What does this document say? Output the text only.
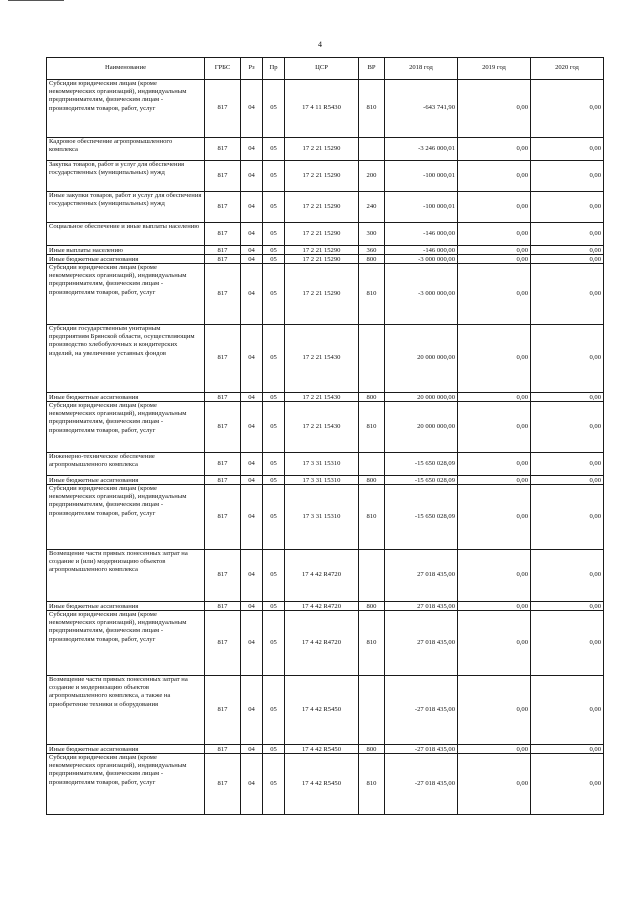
4
Наименование	ГРБС	Рз	Пр	ЦСР	ВР	2018 год	2019 год	2020 год
Субсидии юридическим лицам (кроме некоммерческих организаций), индивидуальным предпринимателям, физическим лицам - производителям товаров, работ, услуг	817	04	05	17 4 11 R5430	810	-643 741,90	0,00	0,00
Кадровое обеспечение агропромышленного комплекса	817	04	05	17 2 21 15290		-3 246 000,01	0,00	0,00
Закупка товаров, работ и услуг для обеспечения государственных (муниципальных) нужд	817	04	05	17 2 21 15290	200	-100 000,01	0,00	0,00
Иные закупки товаров, работ и услуг для обеспечения государственных (муниципальных) нужд	817	04	05	17 2 21 15290	240	-100 000,01	0,00	0,00
Социальное обеспечение и иные выплаты населению	817	04	05	17 2 21 15290	300	-146 000,00	0,00	0,00
Иные выплаты населению	817	04	05	17 2 21 15290	360	-146 000,00	0,00	0,00
Иные бюджетные ассигнования	817	04	05	17 2 21 15290	800	-3 000 000,00	0,00	0,00
Субсидии юридическим лицам (кроме некоммерческих организаций), индивидуальным предпринимателям, физическим лицам - производителям товаров, работ, услуг	817	04	05	17 2 21 15290	810	-3 000 000,00	0,00	0,00
Субсидии государственным унитарным предприятиям Брянской области, осуществляющим производство хлебобулочных и кондитерских изделий, на увеличение уставных фондов	817	04	05	17 2 21 15430		20 000 000,00	0,00	0,00
Иные бюджетные ассигнования	817	04	05	17 2 21 15430	800	20 000 000,00	0,00	0,00
Субсидии юридическим лицам (кроме некоммерческих организаций), индивидуальным предпринимателям, физическим лицам - производителям товаров, работ, услуг	817	04	05	17 2 21 15430	810	20 000 000,00	0,00	0,00
Инженерно-техническое обеспечение агропромышленного комплекса	817	04	05	17 3 31 15310		-15 650 028,09	0,00	0,00
Иные бюджетные ассигнования	817	04	05	17 3 31 15310	800	-15 650 028,09	0,00	0,00
Субсидии юридическим лицам (кроме некоммерческих организаций), индивидуальным предпринимателям, физическим лицам - производителям товаров, работ, услуг	817	04	05	17 3 31 15310	810	-15 650 028,09	0,00	0,00
Возмещение части прямых понесенных затрат на создание и (или) модернизацию объектов агропромышленного комплекса	817	04	05	17 4 42 R4720		27 018 435,00	0,00	0,00
Иные бюджетные ассигнования	817	04	05	17 4 42 R4720	800	27 018 435,00	0,00	0,00
Субсидии юридическим лицам (кроме некоммерческих организаций), индивидуальным предпринимателям, физическим лицам - производителям товаров, работ, услуг	817	04	05	17 4 42 R4720	810	27 018 435,00	0,00	0,00
Возмещение части прямых понесенных затрат на создание и модернизацию объектов агропромышленного комплекса, а также на приобретение техники и оборудования	817	04	05	17 4 42 R5450		-27 018 435,00	0,00	0,00
Иные бюджетные ассигнования	817	04	05	17 4 42 R5450	800	-27 018 435,00	0,00	0,00
Субсидии юридическим лицам (кроме некоммерческих организаций), индивидуальным предпринимателям, физическим лицам - производителям товаров, работ, услуг	817	04	05	17 4 42 R5450	810	-27 018 435,00	0,00	0,00
